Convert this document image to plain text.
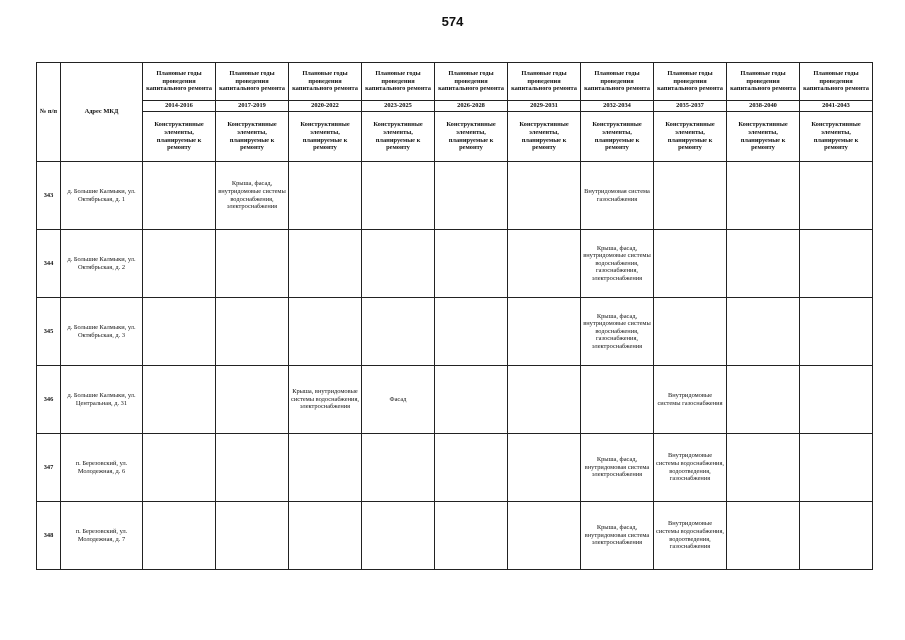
574
№ п/п	Адрес МКД	Плановые годы проведения капитального ремонта	Плановые годы проведения капитального ремонта	Плановые годы проведения капитального ремонта	Плановые годы проведения капитального ремонта	Плановые годы проведения капитального ремонта	Плановые годы проведения капитального ремонта	Плановые годы проведения капитального ремонта	Плановые годы проведения капитального ремонта	Плановые годы проведения капитального ремонта	Плановые годы проведения капитального ремонта
		2014-2016	2017-2019	2020-2022	2023-2025	2026-2028	2029-2031	2032-2034	2035-2037	2038-2040	2041-2043
		Конструктивные элементы, планируемые к ремонту	Конструктивные элементы, планируемые к ремонту	Конструктивные элементы, планируемые к ремонту	Конструктивные элементы, планируемые к ремонту	Конструктивные элементы, планируемые к ремонту	Конструктивные элементы, планируемые к ремонту	Конструктивные элементы, планируемые к ремонту	Конструктивные элементы, планируемые к ремонту	Конструктивные элементы, планируемые к ремонту	Конструктивные элементы, планируемые к ремонту
343	д. Большие Калмыки, ул. Октябрьская, д. 1		Крыша, фасад, внутридомовые системы водоснабжения, электроснабжения					Внутридомовая система газоснабжения			
344	д. Большие Калмыки, ул. Октябрьская, д. 2							Крыша, фасад, внутридомовые системы водоснабжения, газоснабжения, электроснабжения			
345	д. Большие Калмыки, ул. Октябрьская, д. 3							Крыша, фасад, внутридомовые системы водоснабжения, газоснабжения, электроснабжения			
346	д. Большие Калмыки, ул. Центральная, д. 31			Крыша, внутридомовые системы водоснабжения, электроснабжения	Фасад				Внутридомовые системы газоснабжения		
347	п. Березовский, ул. Молодежная, д. 6							Крыша, фасад, внутридомовая система электроснабжения	Внутридомовые системы водоснабжения, водоотведения, газоснабжения		
348	п. Березовский, ул. Молодежная, д. 7							Крыша, фасад, внутридомовая система электроснабжения	Внутридомовые системы водоснабжения, водоотведения, газоснабжения		
